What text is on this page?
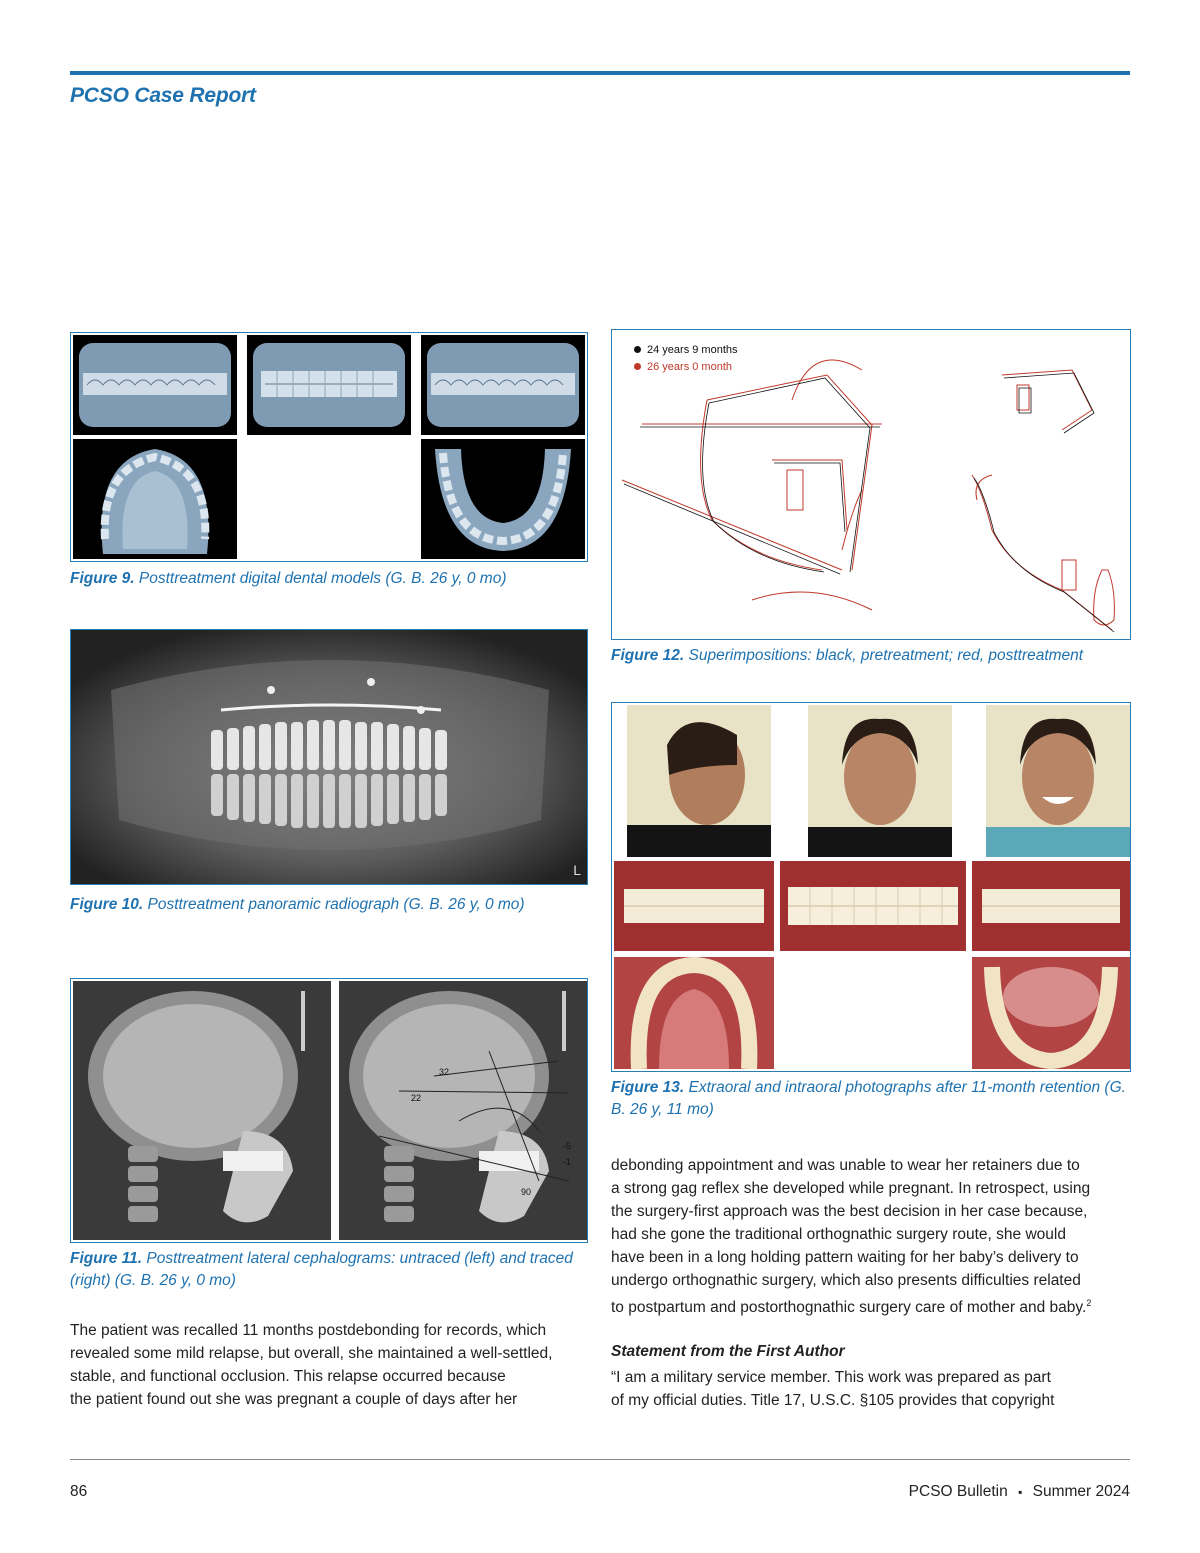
PCSO Case Report
Figure 9. Posttreatment digital dental models (G. B. 26 y, 0 mo)
L
Figure 10. Posttreatment panoramic radiograph (G. B. 26 y, 0 mo)
32
22
90
-5
-1
Figure 11. Posttreatment lateral cephalograms: untraced (left) and traced (right) (G. B. 26 y, 0 mo)
The patient was recalled 11 months postdebonding for records, which
revealed some mild relapse, but overall, she maintained a well-settled,
stable, and functional occlusion. This relapse occurred because
the patient found out she was pregnant a couple of days after her
24 years 9 months
26 years 0 month
Figure 12. Superimpositions: black, pretreatment; red, posttreatment
Figure 13. Extraoral and intraoral photographs after 11-month retention (G. B. 26 y, 11 mo)
debonding appointment and was unable to wear her retainers due to
a strong gag reflex she developed while pregnant. In retrospect, using
the surgery-first approach was the best decision in her case because,
had she gone the traditional orthognathic surgery route, she would
have been in a long holding pattern waiting for her baby’s delivery to
undergo orthognathic surgery, which also presents difficulties related
to postpartum and postorthognathic surgery care of mother and baby.$^2$
Statement from the First Author
“I am a military service member. This work was prepared as part
of my official duties. Title 17, U.S.C. §105 provides that copyright
86	PCSO Bulletin ▪ Summer 2024
